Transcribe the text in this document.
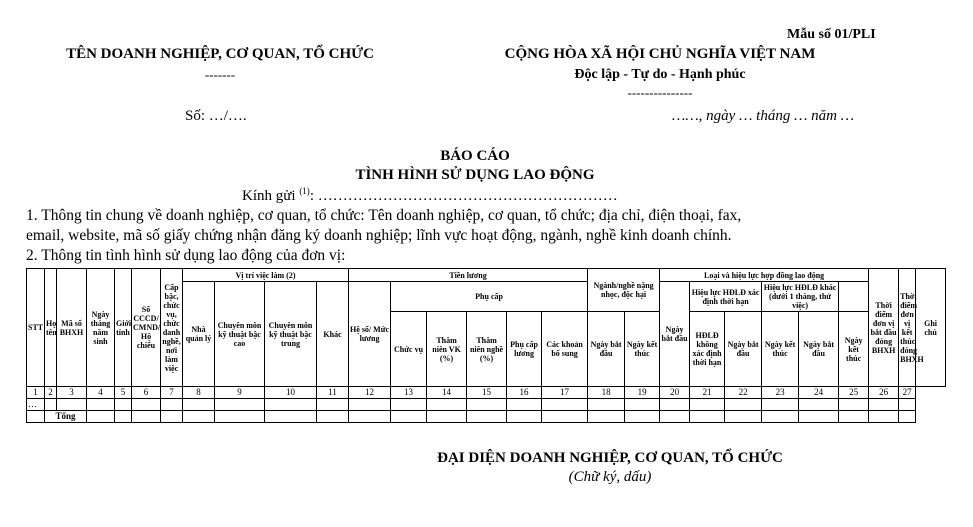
Mẫu số 01/PLI
TÊN DOANH NGHIỆP, CƠ QUAN, TỔ CHỨC
-------
CỘNG HÒA XÃ HỘI CHỦ NGHĨA VIỆT NAM
Độc lập - Tự do - Hạnh phúc
---------------
Số: …/….	……, ngày … tháng … năm …
BÁO CÁO
TÌNH HÌNH SỬ DỤNG LAO ĐỘNG
Kính gửi $^{(1)}$: ……………………………………………………
1. Thông tin chung về doanh nghiệp, cơ quan, tổ chức: Tên doanh nghiệp, cơ quan, tổ chức; địa chỉ, điện thoại, fax,
email, website, mã số giấy chứng nhận đăng ký doanh nghiệp; lĩnh vực hoạt động, ngành, nghề kinh doanh chính.
2. Thông tin tình hình sử dụng lao động của đơn vị:
STT	Họ tên	Mã số BHXH	Ngày tháng năm sinh	Giới tính	Số CCCD/ CMND/ Hộ chiếu	Cấp bậc, chức vụ, chức danh nghề, nơi làm việc	Vị trí việc làm (2)				Tiền lương						Ngành/nghề nặng nhọc, độc hại		Loại và hiệu lực hợp đồng lao động						Thời điểm đơn vị bắt đầu đóng BHXH	Thời điểm đơn vị kết thúc đóng BHXH	Ghi chú
							Nhà quản lý	Chuyên môn kỹ thuật bậc cao	Chuyên môn kỹ thuật bậc trung	Khác	Hệ số/ Mức lương	Phụ cấp							Ngày bắt đầu	Hiệu lực HĐLĐ xác định thời hạn		Hiệu lực HĐLĐ khác (dưới 1 tháng, thử việc)					
												Chức vụ	Thâm niên VK (%)	Thâm niên nghề (%)	Phụ cấp lương	Các khoản bổ sung	Ngày bắt đầu	Ngày kết thúc		HĐLĐ không xác định thời hạn	Ngày bắt đầu	Ngày kết thúc	Ngày bắt đầu	Ngày kết thúc			
1	2	3	4	5	6	7	8	9	10	11	12	13	14	15	16	17	18	19	20	21	22	23	24	25	26	27	
…																											
	Tổng																										
ĐẠI DIỆN DOANH NGHIỆP, CƠ QUAN, TỔ CHỨC
(Chữ ký, dấu)
